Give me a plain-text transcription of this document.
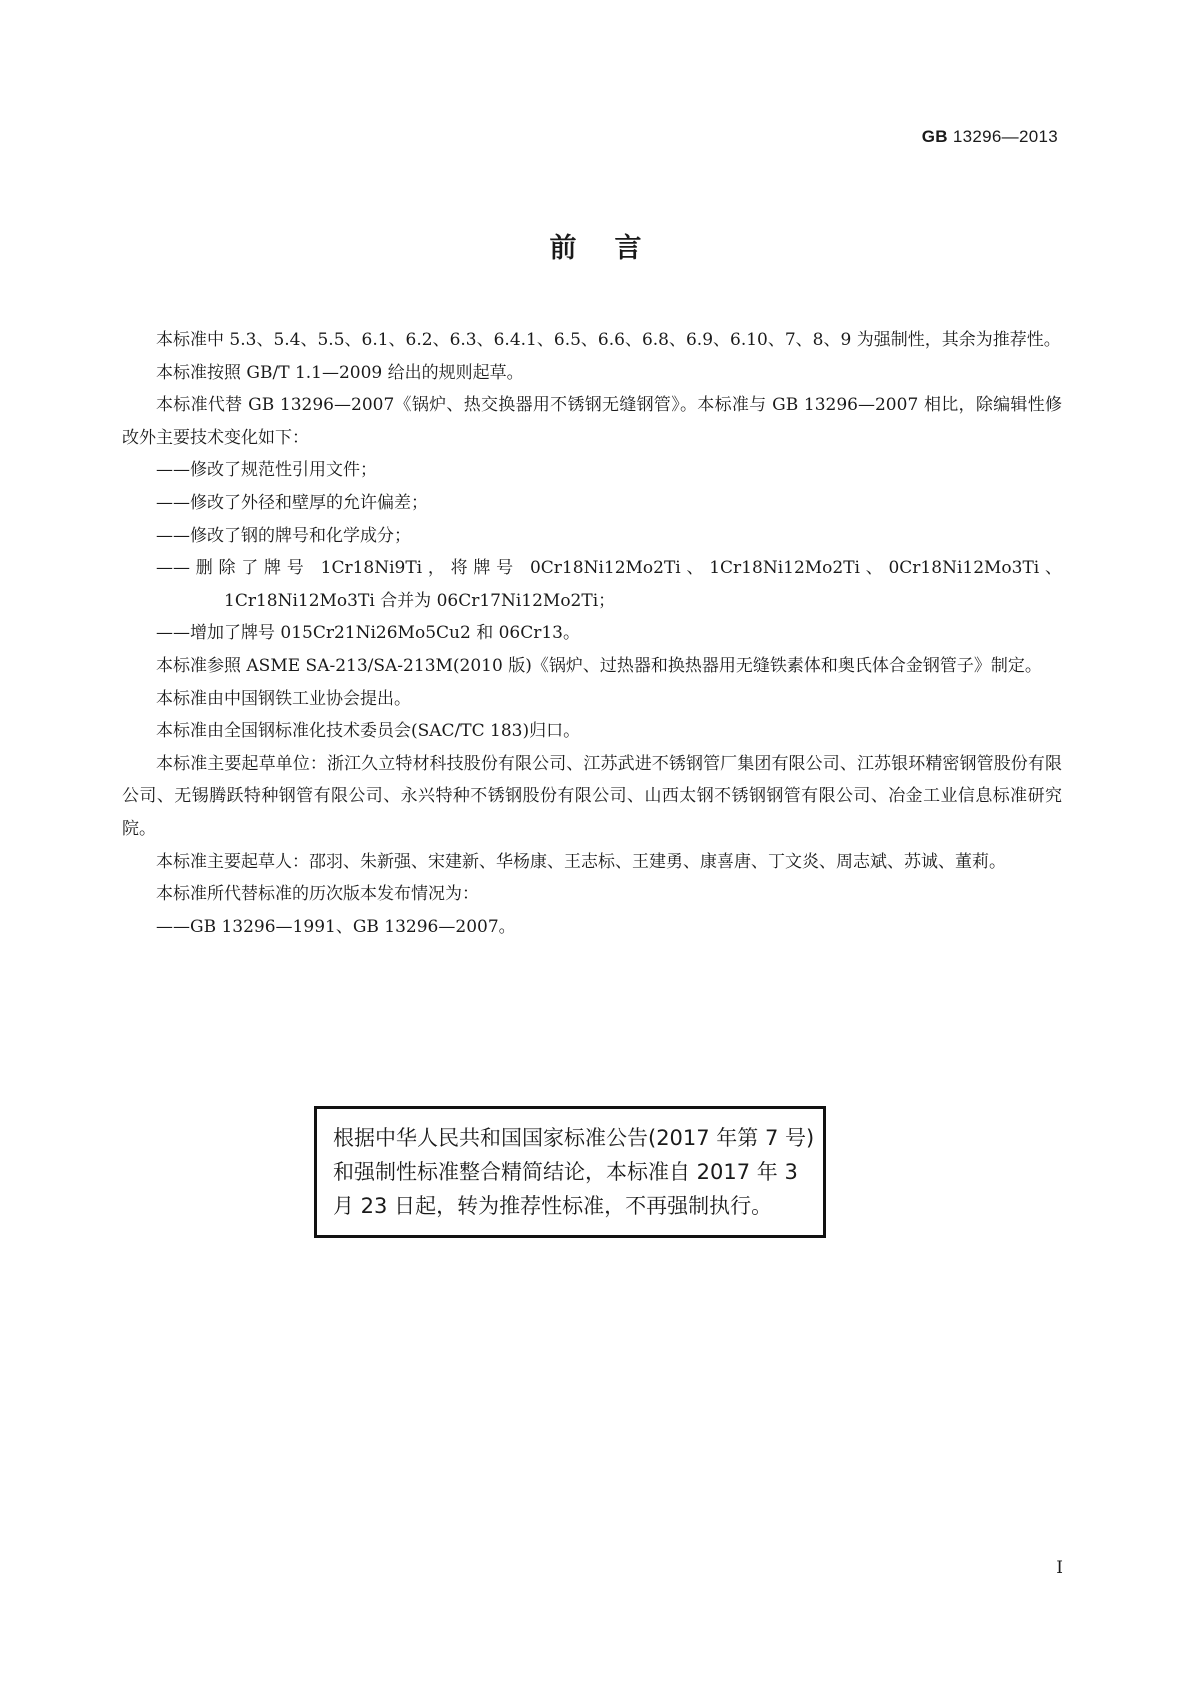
GB 13296—2013
前言

本标准中 5.3、5.4、5.5、6.1、6.2、6.3、6.4.1、6.5、6.6、6.8、6.9、6.10、7、8、9 为强制性，其余为推荐性。

本标准按照 GB/T 1.1—2009 给出的规则起草。

本标准代替 GB 13296—2007《锅炉、热交换器用不锈钢无缝钢管》。本标准与 GB 13296—2007 相比，除编辑性修改外主要技术变化如下：

——修改了规范性引用文件；

——修改了外径和壁厚的允许偏差；

——修改了钢的牌号和化学成分；

——删除了牌号 1Cr18Ni9Ti，将牌号 0Cr18Ni12Mo2Ti、1Cr18Ni12Mo2Ti、0Cr18Ni12Mo3Ti、1Cr18Ni12Mo3Ti 合并为 06Cr17Ni12Mo2Ti；

——增加了牌号 015Cr21Ni26Mo5Cu2 和 06Cr13。

本标准参照 ASME SA-213/SA-213M(2010 版)《锅炉、过热器和换热器用无缝铁素体和奥氏体合金钢管子》制定。

本标准由中国钢铁工业协会提出。

本标准由全国钢标准化技术委员会(SAC/TC 183)归口。

本标准主要起草单位：浙江久立特材科技股份有限公司、江苏武进不锈钢管厂集团有限公司、江苏银环精密钢管股份有限公司、无锡腾跃特种钢管有限公司、永兴特种不锈钢股份有限公司、山西太钢不锈钢钢管有限公司、冶金工业信息标准研究院。

本标准主要起草人：邵羽、朱新强、宋建新、华杨康、王志标、王建勇、康喜唐、丁文炎、周志斌、苏诚、董莉。

本标准所代替标准的历次版本发布情况为：

——GB 13296—1991、GB 13296—2007。

根据中华人民共和国国家标准公告(2017 年第 7 号)和强制性标准整合精简结论，本标准自 2017 年 3 月 23 日起，转为推荐性标准，不再强制执行。
I
